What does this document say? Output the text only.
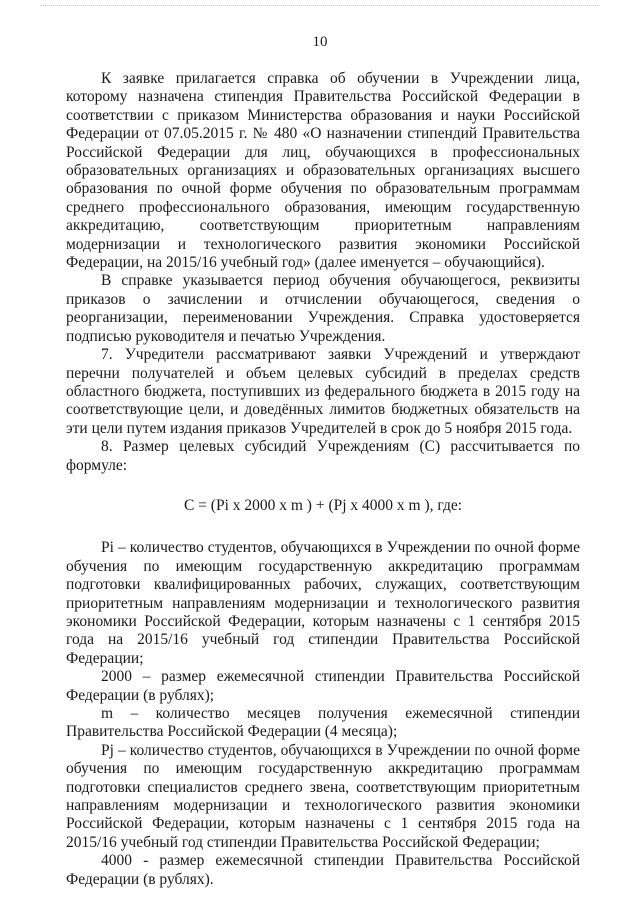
10

К заявке прилагается справка об обучении в Учреждении лица, которому назначена стипендия Правительства Российской Федерации в соответствии с приказом Министерства образования и науки Российской Федерации от 07.05.2015 г. № 480 «О назначении стипендий Правительства Российской Федерации для лиц, обучающихся в профессиональных образовательных организациях и образовательных организациях высшего образования по очной форме обучения по образовательным программам среднего профессионального образования, имеющим государственную аккредитацию, соответствующим приоритетным направлениям модернизации и технологического развития экономики Российской Федерации, на 2015/16 учебный год» (далее именуется – обучающийся).

В справке указывается период обучения обучающегося, реквизиты приказов о зачислении и отчислении обучающегося, сведения о реорганизации, переименовании Учреждения. Справка удостоверяется подписью руководителя и печатью Учреждения.

7. Учредители рассматривают заявки Учреждений и утверждают перечни получателей и объем целевых субсидий в пределах средств областного бюджета, поступивших из федерального бюджета в 2015 году на соответствующие цели, и доведённых лимитов бюджетных обязательств на эти цели путем издания приказов Учредителей в срок до 5 ноября 2015 года.

8. Размер целевых субсидий Учреждениям (С) рассчитывается по формуле:

С = (Pi x 2000 x m ) + (Pj x 4000 x m ), где:

Pi – количество студентов, обучающихся в Учреждении по очной форме обучения по имеющим государственную аккредитацию программам подготовки квалифицированных рабочих, служащих, соответствующим приоритетным направлениям модернизации и технологического развития экономики Российской Федерации, которым назначены с 1 сентября 2015 года на 2015/16 учебный год стипендии Правительства Российской Федерации;

2000 – размер ежемесячной стипендии Правительства Российской Федерации (в рублях);

m – количество месяцев получения ежемесячной стипендии Правительства Российской Федерации (4 месяца);

Pj – количество студентов, обучающихся в Учреждении по очной форме обучения по имеющим государственную аккредитацию программам подготовки специалистов среднего звена, соответствующим приоритетным направлениям модернизации и технологического развития экономики Российской Федерации, которым назначены с 1 сентября 2015 года на 2015/16 учебный год стипендии Правительства Российской Федерации;

4000 - размер ежемесячной стипендии Правительства Российской Федерации (в рублях).
